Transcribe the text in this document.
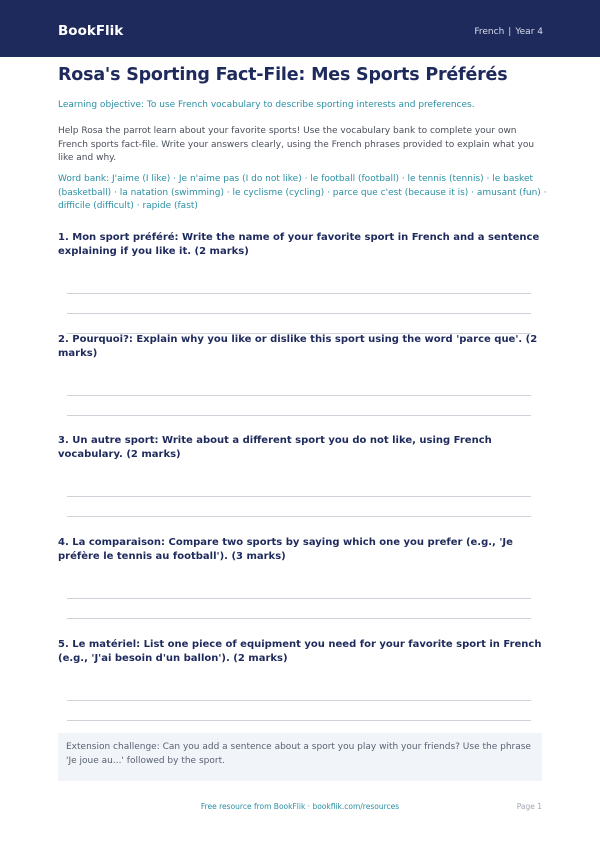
BookFlik	French | Year 4
Rosa's Sporting Fact-File: Mes Sports Préférés
Learning objective: To use French vocabulary to describe sporting interests and preferences.
Help Rosa the parrot learn about your favorite sports! Use the vocabulary bank to complete your own French sports fact-file. Write your answers clearly, using the French phrases provided to explain what you like and why.
Word bank: J'aime (I like) · Je n'aime pas (I do not like) · le football (football) · le tennis (tennis) · le basket (basketball) · la natation (swimming) · le cyclisme (cycling) · parce que c'est (because it is) · amusant (fun) · difficile (difficult) · rapide (fast)
1. Mon sport préféré: Write the name of your favorite sport in French and a sentence explaining if you like it. (2 marks)
2. Pourquoi?: Explain why you like or dislike this sport using the word 'parce que'. (2 marks)
3. Un autre sport: Write about a different sport you do not like, using French vocabulary. (2 marks)
4. La comparaison: Compare two sports by saying which one you prefer (e.g., 'Je préfère le tennis au football'). (3 marks)
5. Le matériel: List one piece of equipment you need for your favorite sport in French (e.g., 'J'ai besoin d'un ballon'). (2 marks)
Extension challenge: Can you add a sentence about a sport you play with your friends? Use the phrase 'Je joue au...' followed by the sport.
Free resource from BookFlik · bookflik.com/resources	Page 1
